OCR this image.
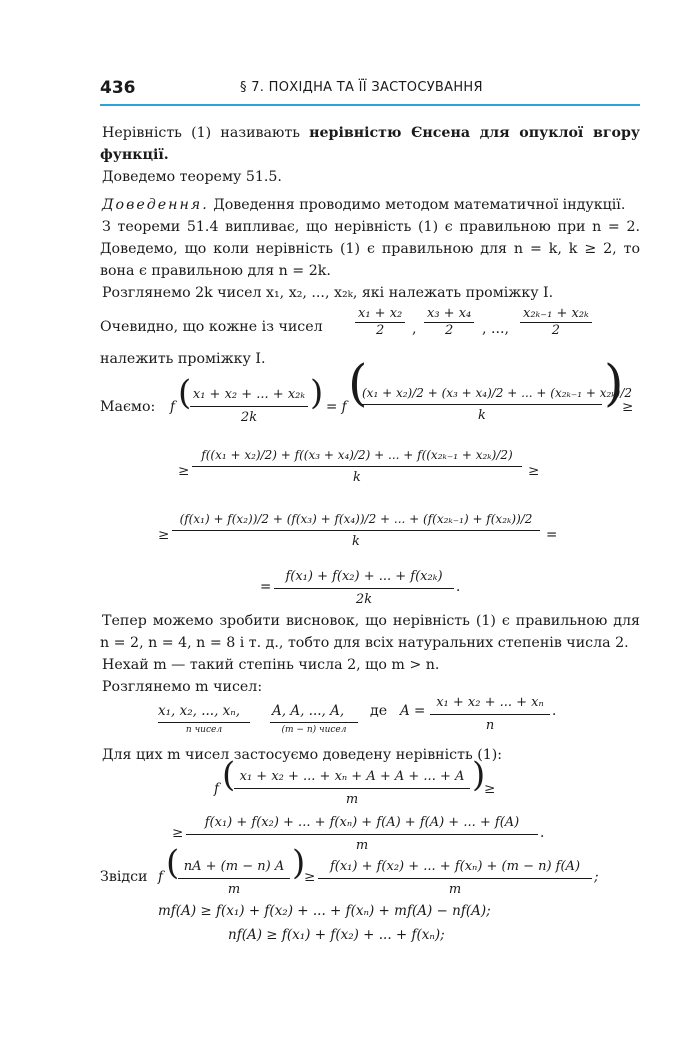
436	§ 7. ПОХІДНА ТА ЇЇ ЗАСТОСУВАННЯ

Нерівність (1) називають нерівністю Єнсена для опуклої вгору функції.

Доведемо теорему 51.5.

Доведення. Доведення проводимо методом математичної індукції.

З теореми 51.4 випливає, що нерівність (1) є правильною при n = 2. Доведемо, що коли нерівність (1) є правильною для n = k, k ≥ 2, то вона є правильною для n = 2k.

Розглянемо 2k чисел x₁, x₂, ..., x₂ₖ, які належать проміжку I.

Очевидно, що кожне із чисел $\frac{\text{x₁ + x₂}}{2}$ , $\frac{\text{x₃ + x₄}}{2}$ , ..., $\frac{\text{x₂ₖ₋₁ + x₂ₖ}}{2}$

належить проміжку I.

Маємо: f ( x₁ + x₂ + ... + x₂ₖ
2k
) = f (
(x₁ + x₂)/2 + (x₃ + x₄)/2 + ... + (x₂ₖ₋₁ + x₂ₖ)/2
k
)
≥
≥
f((x₁ + x₂)/2) + f((x₃ + x₄)/2) + ... + f((x₂ₖ₋₁ + x₂ₖ)/2)
k	≥
≥
(f(x₁) + f(x₂))/2 + (f(x₃) + f(x₄))/2 + ... + (f(x₂ₖ₋₁) + f(x₂ₖ))/2
k	=
=
f(x₁) + f(x₂) + ... + f(x₂ₖ)
2k
.

Тепер можемо зробити висновок, що нерівність (1) є правильною для n = 2, n = 4, n = 8 і т. д., тобто для всіх натуральних степенів числа 2.

Нехай m — такий степінь числа 2, що m > n.

Розглянемо m чисел:

x₁, x₂, ..., xₙ,
n чисел
A, A, ..., A,
(m − n) чисел
де A =
x₁ + x₂ + ... + xₙ
n
.

Для цих m чисел застосуємо доведену нерівність (1):

f ( x₁ + x₂ + ... + xₙ + A + A + ... + A
m
)
≥
≥
f(x₁) + f(x₂) + ... + f(xₙ) + f(A) + f(A) + ... + f(A)
m
.
Звідси f ( nA + (m − n) A
m
)
≥
f(x₁) + f(x₂) + ... + f(xₙ) + (m − n) f(A)
m
;
mf(A) ≥ f(x₁) + f(x₂) + ... + f(xₙ) + mf(A) − nf(A);
nf(A) ≥ f(x₁) + f(x₂) + ... + f(xₙ);
